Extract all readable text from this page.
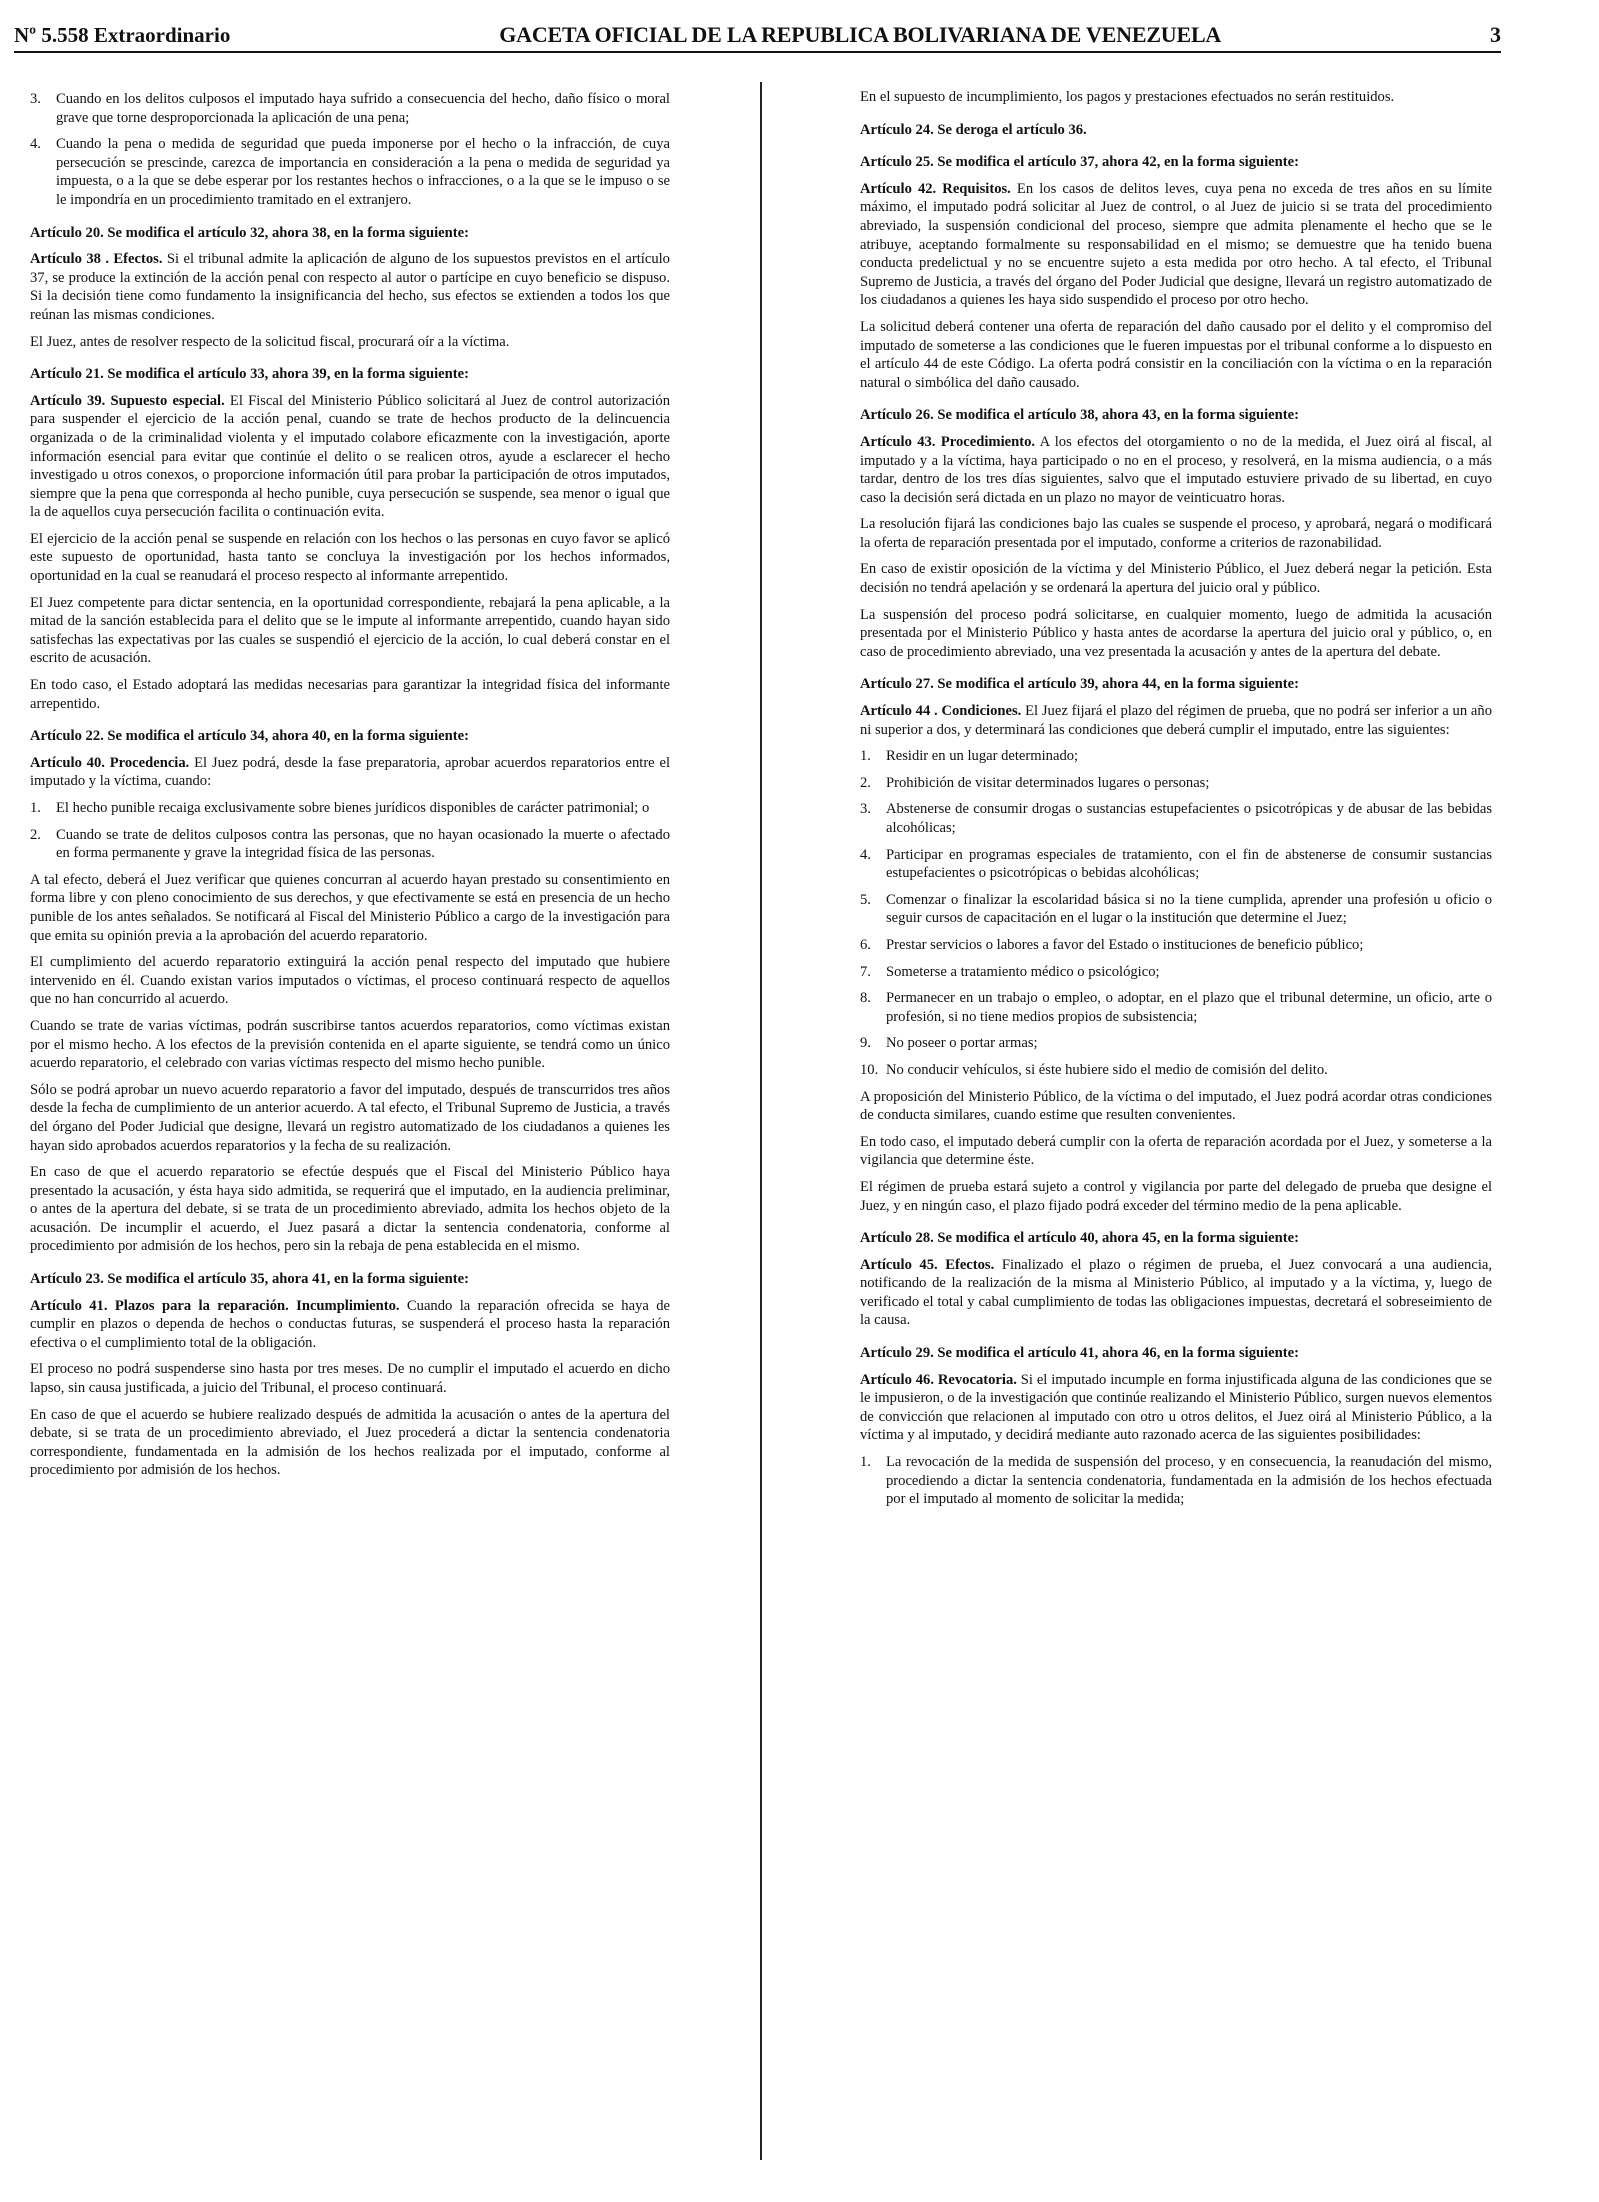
Nº 5.558 Extraordinario	GACETA OFICIAL DE LA REPUBLICA BOLIVARIANA DE VENEZUELA	3
3.	Cuando en los delitos culposos el imputado haya sufrido a consecuencia del hecho, daño físico o moral grave que torne desproporcionada la aplicación de una pena;
4.	Cuando la pena o medida de seguridad que pueda imponerse por el hecho o la infracción, de cuya persecución se prescinde, carezca de importancia en consideración a la pena o medida de seguridad ya impuesta, o a la que se debe esperar por los restantes hechos o infracciones, o a la que se le impuso o se le impondría en un procedimiento tramitado en el extranjero.

Artículo 20. Se modifica el artículo 32, ahora 38, en la forma siguiente:

Artículo 38 . Efectos. Si el tribunal admite la aplicación de alguno de los supuestos previstos en el artículo 37, se produce la extinción de la acción penal con respecto al autor o partícipe en cuyo beneficio se dispuso. Si la decisión tiene como fundamento la insignificancia del hecho, sus efectos se extienden a todos los que reúnan las mismas condiciones.

El Juez, antes de resolver respecto de la solicitud fiscal, procurará oír a la víctima.

Artículo 21. Se modifica el artículo 33, ahora 39, en la forma siguiente:

Artículo 39. Supuesto especial. El Fiscal del Ministerio Público solicitará al Juez de control autorización para suspender el ejercicio de la acción penal, cuando se trate de hechos producto de la delincuencia organizada o de la criminalidad violenta y el imputado colabore eficazmente con la investigación, aporte información esencial para evitar que continúe el delito o se realicen otros, ayude a esclarecer el hecho investigado u otros conexos, o proporcione información útil para probar la participación de otros imputados, siempre que la pena que corresponda al hecho punible, cuya persecución se suspende, sea menor o igual que la de aquellos cuya persecución facilita o continuación evita.

El ejercicio de la acción penal se suspende en relación con los hechos o las personas en cuyo favor se aplicó este supuesto de oportunidad, hasta tanto se concluya la investigación por los hechos informados, oportunidad en la cual se reanudará el proceso respecto al informante arrepentido.

El Juez competente para dictar sentencia, en la oportunidad correspondiente, rebajará la pena aplicable, a la mitad de la sanción establecida para el delito que se le impute al informante arrepentido, cuando hayan sido satisfechas las expectativas por las cuales se suspendió el ejercicio de la acción, lo cual deberá constar en el escrito de acusación.

En todo caso, el Estado adoptará las medidas necesarias para garantizar la integridad física del informante arrepentido.

Artículo 22. Se modifica el artículo 34, ahora 40, en la forma siguiente:

Artículo 40. Procedencia. El Juez podrá, desde la fase preparatoria, aprobar acuerdos reparatorios entre el imputado y la víctima, cuando:

1.	El hecho punible recaiga exclusivamente sobre bienes jurídicos disponibles de carácter patrimonial; o
2.	Cuando se trate de delitos culposos contra las personas, que no hayan ocasionado la muerte o afectado en forma permanente y grave la integridad física de las personas.

A tal efecto, deberá el Juez verificar que quienes concurran al acuerdo hayan prestado su consentimiento en forma libre y con pleno conocimiento de sus derechos, y que efectivamente se está en presencia de un hecho punible de los antes señalados. Se notificará al Fiscal del Ministerio Público a cargo de la investigación para que emita su opinión previa a la aprobación del acuerdo reparatorio.

El cumplimiento del acuerdo reparatorio extinguirá la acción penal respecto del imputado que hubiere intervenido en él. Cuando existan varios imputados o víctimas, el proceso continuará respecto de aquellos que no han concurrido al acuerdo.

Cuando se trate de varias víctimas, podrán suscribirse tantos acuerdos reparatorios, como víctimas existan por el mismo hecho. A los efectos de la previsión contenida en el aparte siguiente, se tendrá como un único acuerdo reparatorio, el celebrado con varias víctimas respecto del mismo hecho punible.

Sólo se podrá aprobar un nuevo acuerdo reparatorio a favor del imputado, después de transcurridos tres años desde la fecha de cumplimiento de un anterior acuerdo. A tal efecto, el Tribunal Supremo de Justicia, a través del órgano del Poder Judicial que designe, llevará un registro automatizado de los ciudadanos a quienes les hayan sido aprobados acuerdos reparatorios y la fecha de su realización.

En caso de que el acuerdo reparatorio se efectúe después que el Fiscal del Ministerio Público haya presentado la acusación, y ésta haya sido admitida, se requerirá que el imputado, en la audiencia preliminar, o antes de la apertura del debate, si se trata de un procedimiento abreviado, admita los hechos objeto de la acusación. De incumplir el acuerdo, el Juez pasará a dictar la sentencia condenatoria, conforme al procedimiento por admisión de los hechos, pero sin la rebaja de pena establecida en el mismo.

Artículo 23. Se modifica el artículo 35, ahora 41, en la forma siguiente:

Artículo 41. Plazos para la reparación. Incumplimiento. Cuando la reparación ofrecida se haya de cumplir en plazos o dependa de hechos o conductas futuras, se suspenderá el proceso hasta la reparación efectiva o el cumplimiento total de la obligación.

El proceso no podrá suspenderse sino hasta por tres meses. De no cumplir el imputado el acuerdo en dicho lapso, sin causa justificada, a juicio del Tribunal, el proceso continuará.

En caso de que el acuerdo se hubiere realizado después de admitida la acusación o antes de la apertura del debate, si se trata de un procedimiento abreviado, el Juez procederá a dictar la sentencia condenatoria correspondiente, fundamentada en la admisión de los hechos realizada por el imputado, conforme al procedimiento por admisión de los hechos.

En el supuesto de incumplimiento, los pagos y prestaciones efectuados no serán restituidos.

Artículo 24. Se deroga el artículo 36.

Artículo 25. Se modifica el artículo 37, ahora 42, en la forma siguiente:

Artículo 42. Requisitos. En los casos de delitos leves, cuya pena no exceda de tres años en su límite máximo, el imputado podrá solicitar al Juez de control, o al Juez de juicio si se trata del procedimiento abreviado, la suspensión condicional del proceso, siempre que admita plenamente el hecho que se le atribuye, aceptando formalmente su responsabilidad en el mismo; se demuestre que ha tenido buena conducta predelictual y no se encuentre sujeto a esta medida por otro hecho. A tal efecto, el Tribunal Supremo de Justicia, a través del órgano del Poder Judicial que designe, llevará un registro automatizado de los ciudadanos a quienes les haya sido suspendido el proceso por otro hecho.

La solicitud deberá contener una oferta de reparación del daño causado por el delito y el compromiso del imputado de someterse a las condiciones que le fueren impuestas por el tribunal conforme a lo dispuesto en el artículo 44 de este Código. La oferta podrá consistir en la conciliación con la víctima o en la reparación natural o simbólica del daño causado.

Artículo 26. Se modifica el artículo 38, ahora 43, en la forma siguiente:

Artículo 43. Procedimiento. A los efectos del otorgamiento o no de la medida, el Juez oirá al fiscal, al imputado y a la víctima, haya participado o no en el proceso, y resolverá, en la misma audiencia, o a más tardar, dentro de los tres días siguientes, salvo que el imputado estuviere privado de su libertad, en cuyo caso la decisión será dictada en un plazo no mayor de veinticuatro horas.

La resolución fijará las condiciones bajo las cuales se suspende el proceso, y aprobará, negará o modificará la oferta de reparación presentada por el imputado, conforme a criterios de razonabilidad.

En caso de existir oposición de la víctima y del Ministerio Público, el Juez deberá negar la petición. Esta decisión no tendrá apelación y se ordenará la apertura del juicio oral y público.

La suspensión del proceso podrá solicitarse, en cualquier momento, luego de admitida la acusación presentada por el Ministerio Público y hasta antes de acordarse la apertura del juicio oral y público, o, en caso de procedimiento abreviado, una vez presentada la acusación y antes de la apertura del debate.

Artículo 27. Se modifica el artículo 39, ahora 44, en la forma siguiente:

Artículo 44 . Condiciones. El Juez fijará el plazo del régimen de prueba, que no podrá ser inferior a un año ni superior a dos, y determinará las condiciones que deberá cumplir el imputado, entre las siguientes:

1.	Residir en un lugar determinado;
2.	Prohibición de visitar determinados lugares o personas;
3.	Abstenerse de consumir drogas o sustancias estupefacientes o psicotrópicas y de abusar de las bebidas alcohólicas;
4.	Participar en programas especiales de tratamiento, con el fin de abstenerse de consumir sustancias estupefacientes o psicotrópicas o bebidas alcohólicas;
5.	Comenzar o finalizar la escolaridad básica si no la tiene cumplida, aprender una profesión u oficio o seguir cursos de capacitación en el lugar o la institución que determine el Juez;
6.	Prestar servicios o labores a favor del Estado o instituciones de beneficio público;
7.	Someterse a tratamiento médico o psicológico;
8.	Permanecer en un trabajo o empleo, o adoptar, en el plazo que el tribunal determine, un oficio, arte o profesión, si no tiene medios propios de subsistencia;
9.	No poseer o portar armas;
10. No conducir vehículos, si éste hubiere sido el medio de comisión del delito.

A proposición del Ministerio Público, de la víctima o del imputado, el Juez podrá acordar otras condiciones de conducta similares, cuando estime que resulten convenientes.

En todo caso, el imputado deberá cumplir con la oferta de reparación acordada por el Juez, y someterse a la vigilancia que determine éste.

El régimen de prueba estará sujeto a control y vigilancia por parte del delegado de prueba que designe el Juez, y en ningún caso, el plazo fijado podrá exceder del término medio de la pena aplicable.

Artículo 28. Se modifica el artículo 40, ahora 45, en la forma siguiente:

Artículo 45. Efectos. Finalizado el plazo o régimen de prueba, el Juez convocará a una audiencia, notificando de la realización de la misma al Ministerio Público, al imputado y a la víctima, y, luego de verificado el total y cabal cumplimiento de todas las obligaciones impuestas, decretará el sobreseimiento de la causa.

Artículo 29. Se modifica el artículo 41, ahora 46, en la forma siguiente:

Artículo 46. Revocatoria. Si el imputado incumple en forma injustificada alguna de las condiciones que se le impusieron, o de la investigación que continúe realizando el Ministerio Público, surgen nuevos elementos de convicción que relacionen al imputado con otro u otros delitos, el Juez oirá al Ministerio Público, a la víctima y al imputado, y decidirá mediante auto razonado acerca de las siguientes posibilidades:

1.	La revocación de la medida de suspensión del proceso, y en consecuencia, la reanudación del mismo, procediendo a dictar la sentencia condenatoria, fundamentada en la admisión de los hechos efectuada por el imputado al momento de solicitar la medida;
